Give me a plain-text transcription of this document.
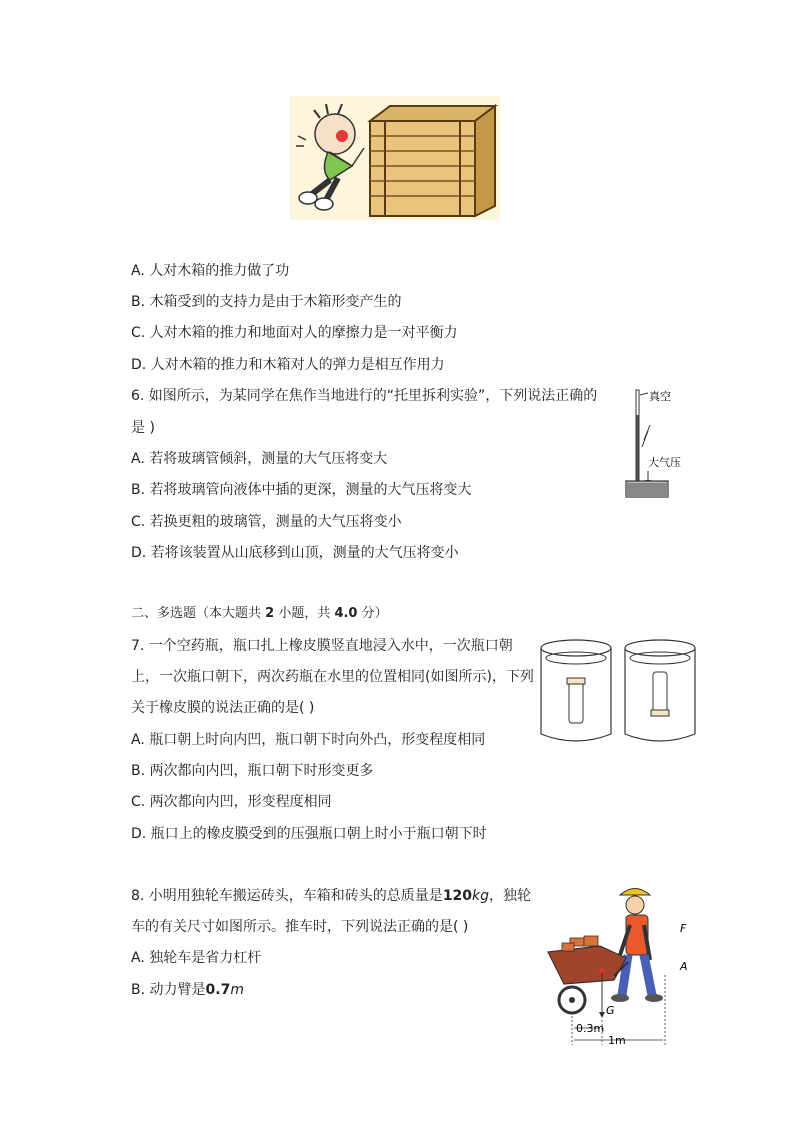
A. 人对木箱的推力做了功
B. 木箱受到的支持力是由于木箱形变产生的
C. 人对木箱的推力和地面对人的摩擦力是一对平衡力
D. 人对木箱的推力和木箱对人的弹力是相互作用力
6. 如图所示，为某同学在焦作当地进行的“托里拆利实验”，下列说法正确的
是 )
A. 若将玻璃管倾斜，测量的大气压将变大
B. 若将玻璃管向液体中插的更深，测量的大气压将变大
C. 若换更粗的玻璃管，测量的大气压将变小
D. 若将该装置从山底移到山顶，测量的大气压将变小
真空
大气压
二、多选题（本大题共 2 小题，共 4.0 分）
7. 一个空药瓶，瓶口扎上橡皮膜竖直地浸入水中，一次瓶口朝
上，一次瓶口朝下，两次药瓶在水里的位置相同(如图所示)，下列
关于橡皮膜的说法正确的是( )
A. 瓶口朝上时向内凹，瓶口朝下时向外凸，形变程度相同
B. 两次都向内凹，瓶口朝下时形变更多
C. 两次都向内凹，形变程度相同
D. 瓶口上的橡皮膜受到的压强瓶口朝上时小于瓶口朝下时
8. 小明用独轮车搬运砖头，车箱和砖头的总质量是120kg，独轮
车的有关尺寸如图所示。推车时，下列说法正确的是( )
A. 独轮车是省力杠杆
B. 动力臂是0.7m
F
A
G
0.3m
1m
